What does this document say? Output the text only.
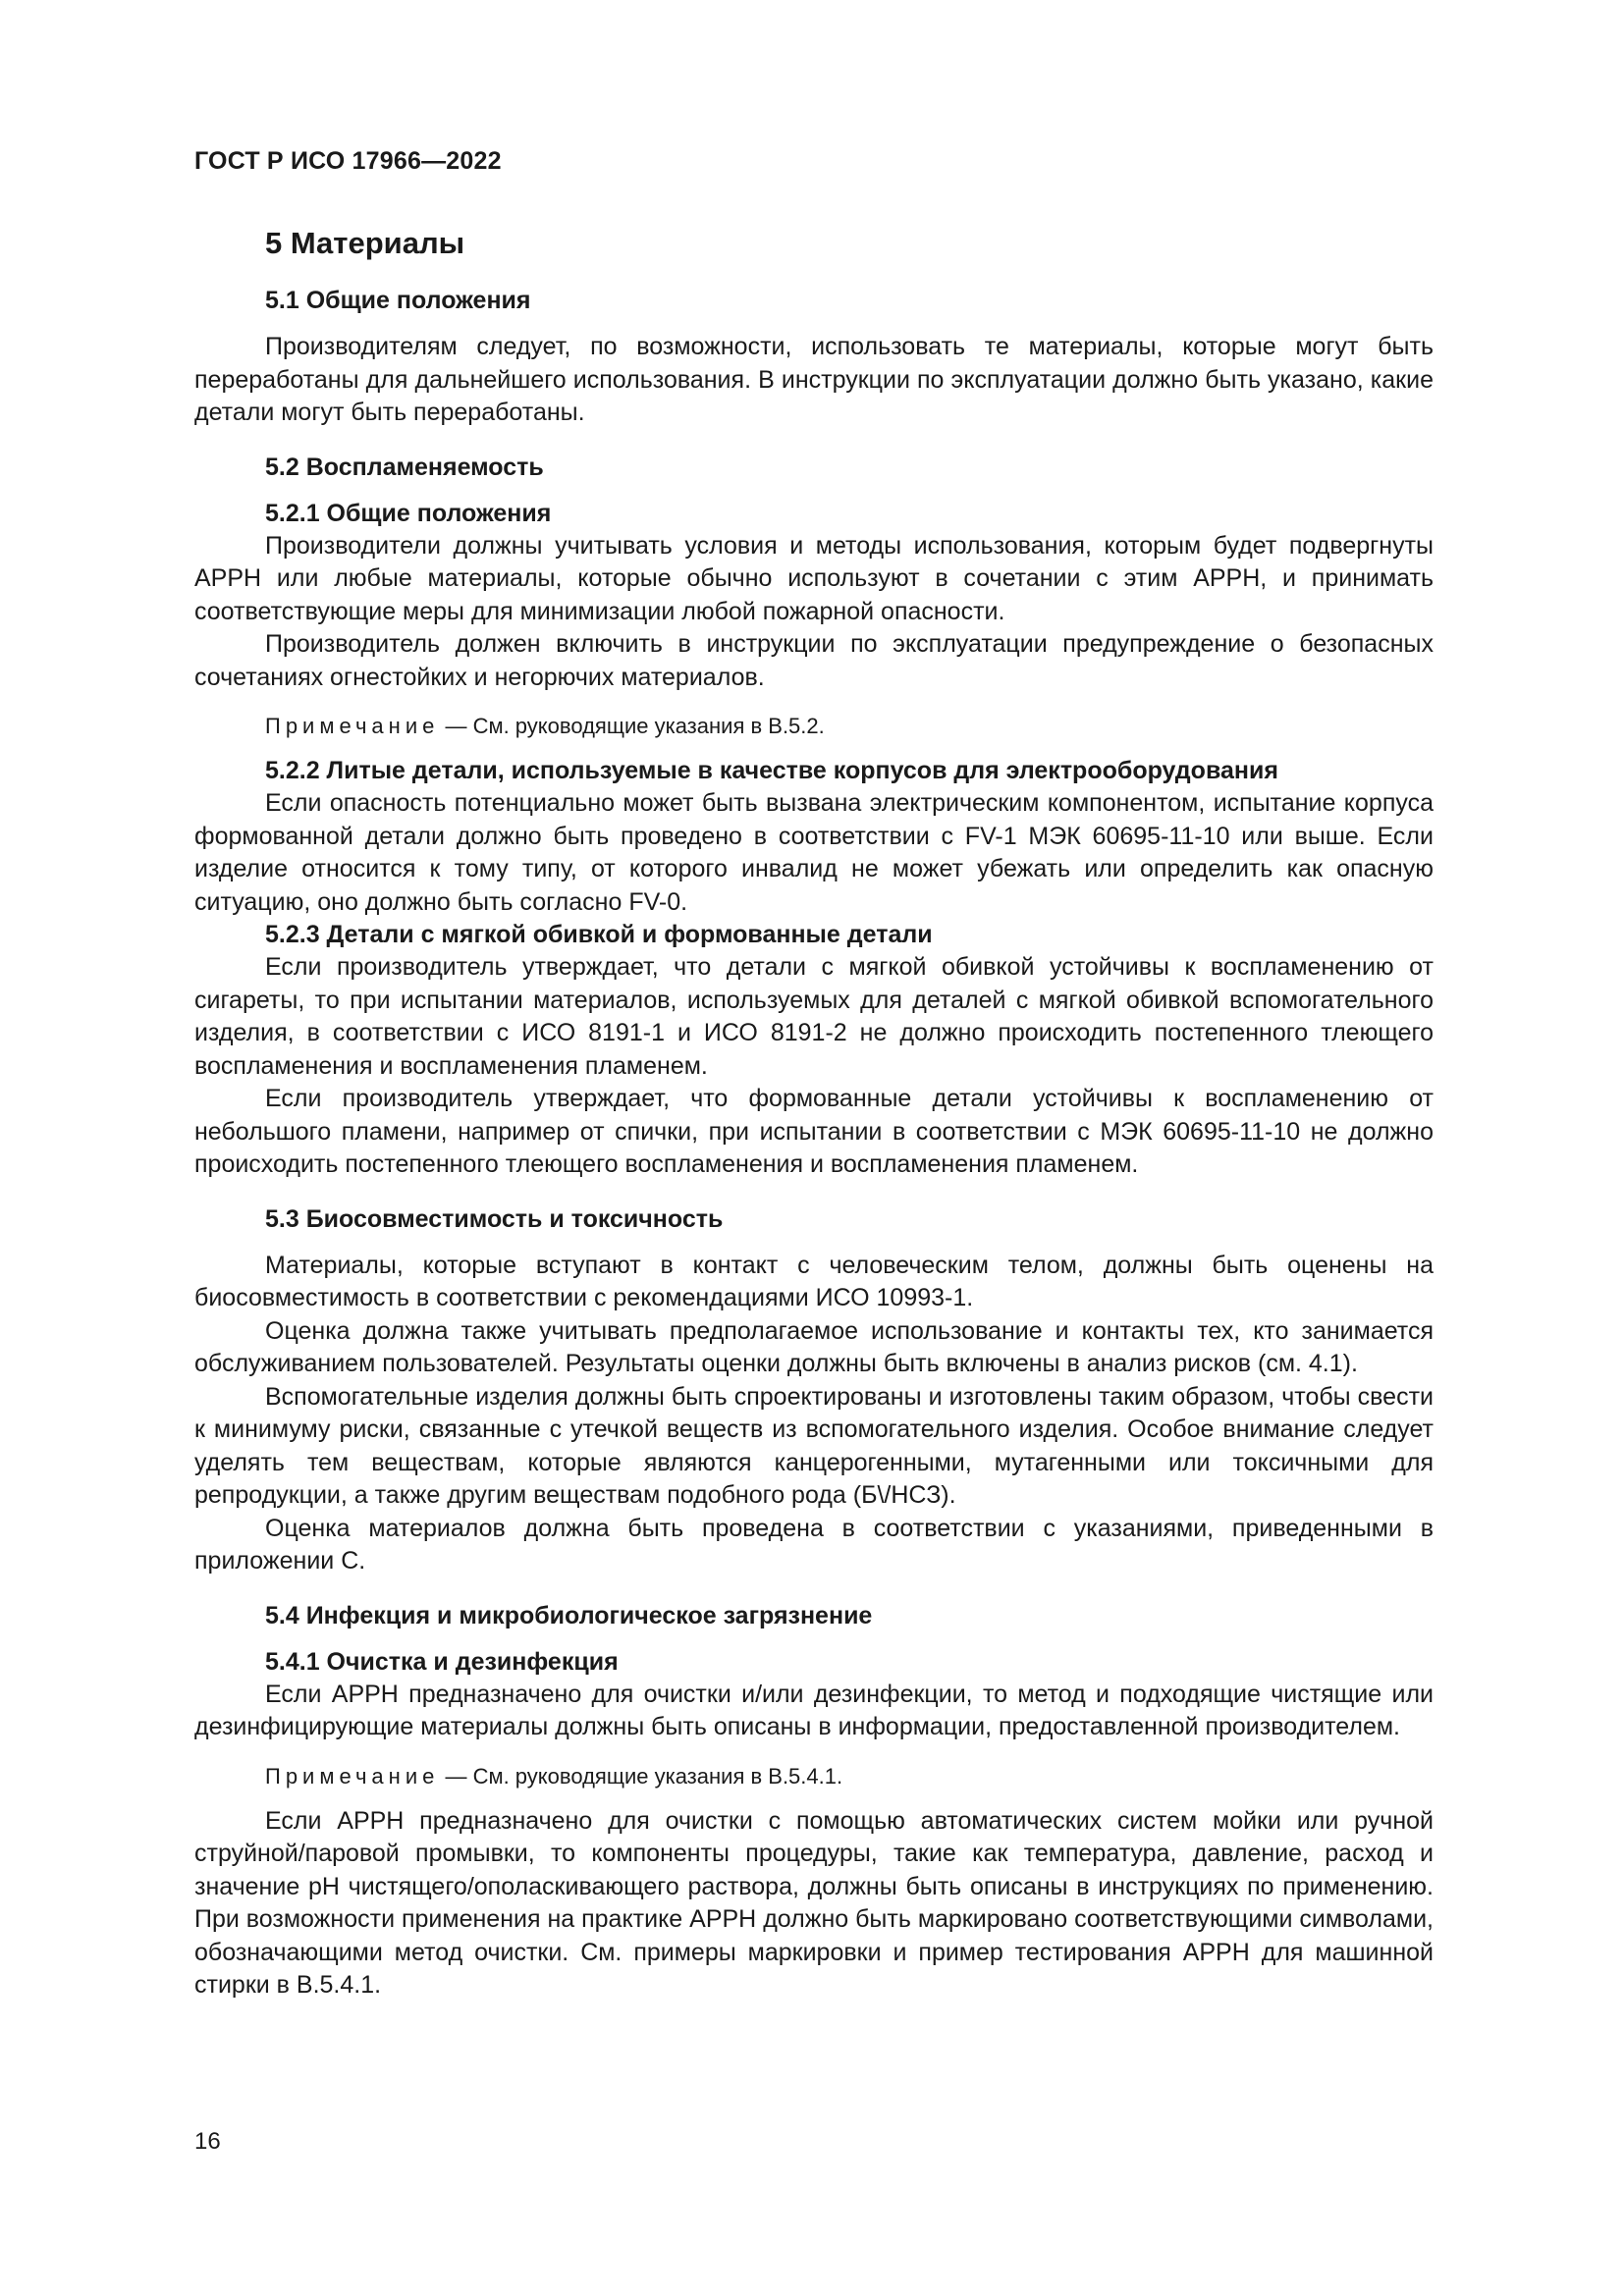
ГОСТ Р ИСО 17966—2022
5 Материалы
5.1 Общие положения

Производителям следует, по возможности, использовать те материалы, которые могут быть переработаны для дальнейшего использования. В инструкции по эксплуатации должно быть указано, какие детали могут быть переработаны.

5.2 Воспламеняемость
5.2.1 Общие положения

Производители должны учитывать условия и методы использования, которым будет подвергнуты АРРН или любые материалы, которые обычно используют в сочетании с этим АРРН, и принимать соответствующие меры для минимизации любой пожарной опасности.

Производитель должен включить в инструкции по эксплуатации предупреждение о безопасных сочетаниях огнестойких и негорючих материалов.

Примечание — См. руководящие указания в В.5.2.

5.2.2 Литые детали, используемые в качестве корпусов для электрооборудования

Если опасность потенциально может быть вызвана электрическим компонентом, испытание корпуса формованной детали должно быть проведено в соответствии с FV-1 МЭК 60695-11-10 или выше. Если изделие относится к тому типу, от которого инвалид не может убежать или определить как опасную ситуацию, оно должно быть согласно FV-0.

5.2.3 Детали с мягкой обивкой и формованные детали

Если производитель утверждает, что детали с мягкой обивкой устойчивы к воспламенению от сигареты, то при испытании материалов, используемых для деталей с мягкой обивкой вспомогательного изделия, в соответствии с ИСО 8191-1 и ИСО 8191-2 не должно происходить постепенного тлеющего воспламенения и воспламенения пламенем.

Если производитель утверждает, что формованные детали устойчивы к воспламенению от небольшого пламени, например от спички, при испытании в соответствии с МЭК 60695-11-10 не должно происходить постепенного тлеющего воспламенения и воспламенения пламенем.

5.3 Биосовместимость и токсичность

Материалы, которые вступают в контакт с человеческим телом, должны быть оценены на биосовместимость в соответствии с рекомендациями ИСО 10993-1.

Оценка должна также учитывать предполагаемое использование и контакты тех, кто занимается обслуживанием пользователей. Результаты оценки должны быть включены в анализ рисков (см. 4.1).

Вспомогательные изделия должны быть спроектированы и изготовлены таким образом, чтобы свести к минимуму риски, связанные с утечкой веществ из вспомогательного изделия. Особое внимание следует уделять тем веществам, которые являются канцерогенными, мутагенными или токсичными для репродукции, а также другим веществам подобного рода (Б\/НСЗ).

Оценка материалов должна быть проведена в соответствии с указаниями, приведенными в приложении С.

5.4 Инфекция и микробиологическое загрязнение
5.4.1 Очистка и дезинфекция

Если АРРН предназначено для очистки и/или дезинфекции, то метод и подходящие чистящие или дезинфицирующие материалы должны быть описаны в информации, предоставленной производителем.

Примечание — См. руководящие указания в В.5.4.1.

Если АРРН предназначено для очистки с помощью автоматических систем мойки или ручной струйной/паровой промывки, то компоненты процедуры, такие как температура, давление, расход и значение рН чистящего/ополаскивающего раствора, должны быть описаны в инструкциях по применению. При возможности применения на практике АРРН должно быть маркировано соответствующими символами, обозначающими метод очистки. См. примеры маркировки и пример тестирования АРРН для машинной стирки в В.5.4.1.

16
